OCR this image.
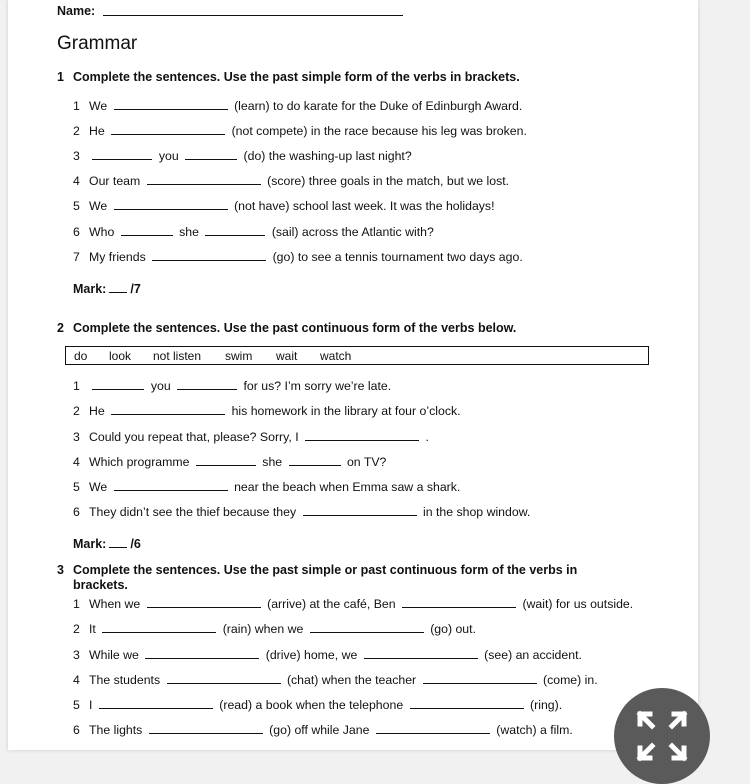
Name:
Grammar
1 Complete the sentences. Use the past simple form of the verbs in brackets.
1 We	(learn) to do karate for the Duke of Edinburgh Award.
2 He	(not compete) in the race because his leg was broken.
3	you	(do) the washing-up last night?
4 Our team	(score) three goals in the match, but we lost.
5 We	(not have) school last week. It was the holidays!
6 Who	she	(sail) across the Atlantic with?
7 My friends	(go) to see a tennis tournament two days ago.
Mark: /7
2 Complete the sentences. Use the past continuous form of the verbs below.
do look not listen swim wait watch
1	you	for us? I’m sorry we’re late.
2 He	his homework in the library at four o’clock.
3 Could you repeat that, please? Sorry, I	.
4 Which programme	she	on TV?
5 We	near the beach when Emma saw a shark.
6 They didn’t see the thief because they	in the shop window.
Mark: /6
3 Complete the sentences. Use the past simple or past continuous form of the verbs in brackets.
1 When we	(arrive) at the café, Ben	(wait) for us outside.
2 It	(rain) when we	(go) out.
3 While we	(drive) home, we	(see) an accident.
4 The students	(chat) when the teacher	(come) in.
5 I	(read) a book when the telephone	(ring).
6 The lights	(go) off while Jane	(watch) a film.
